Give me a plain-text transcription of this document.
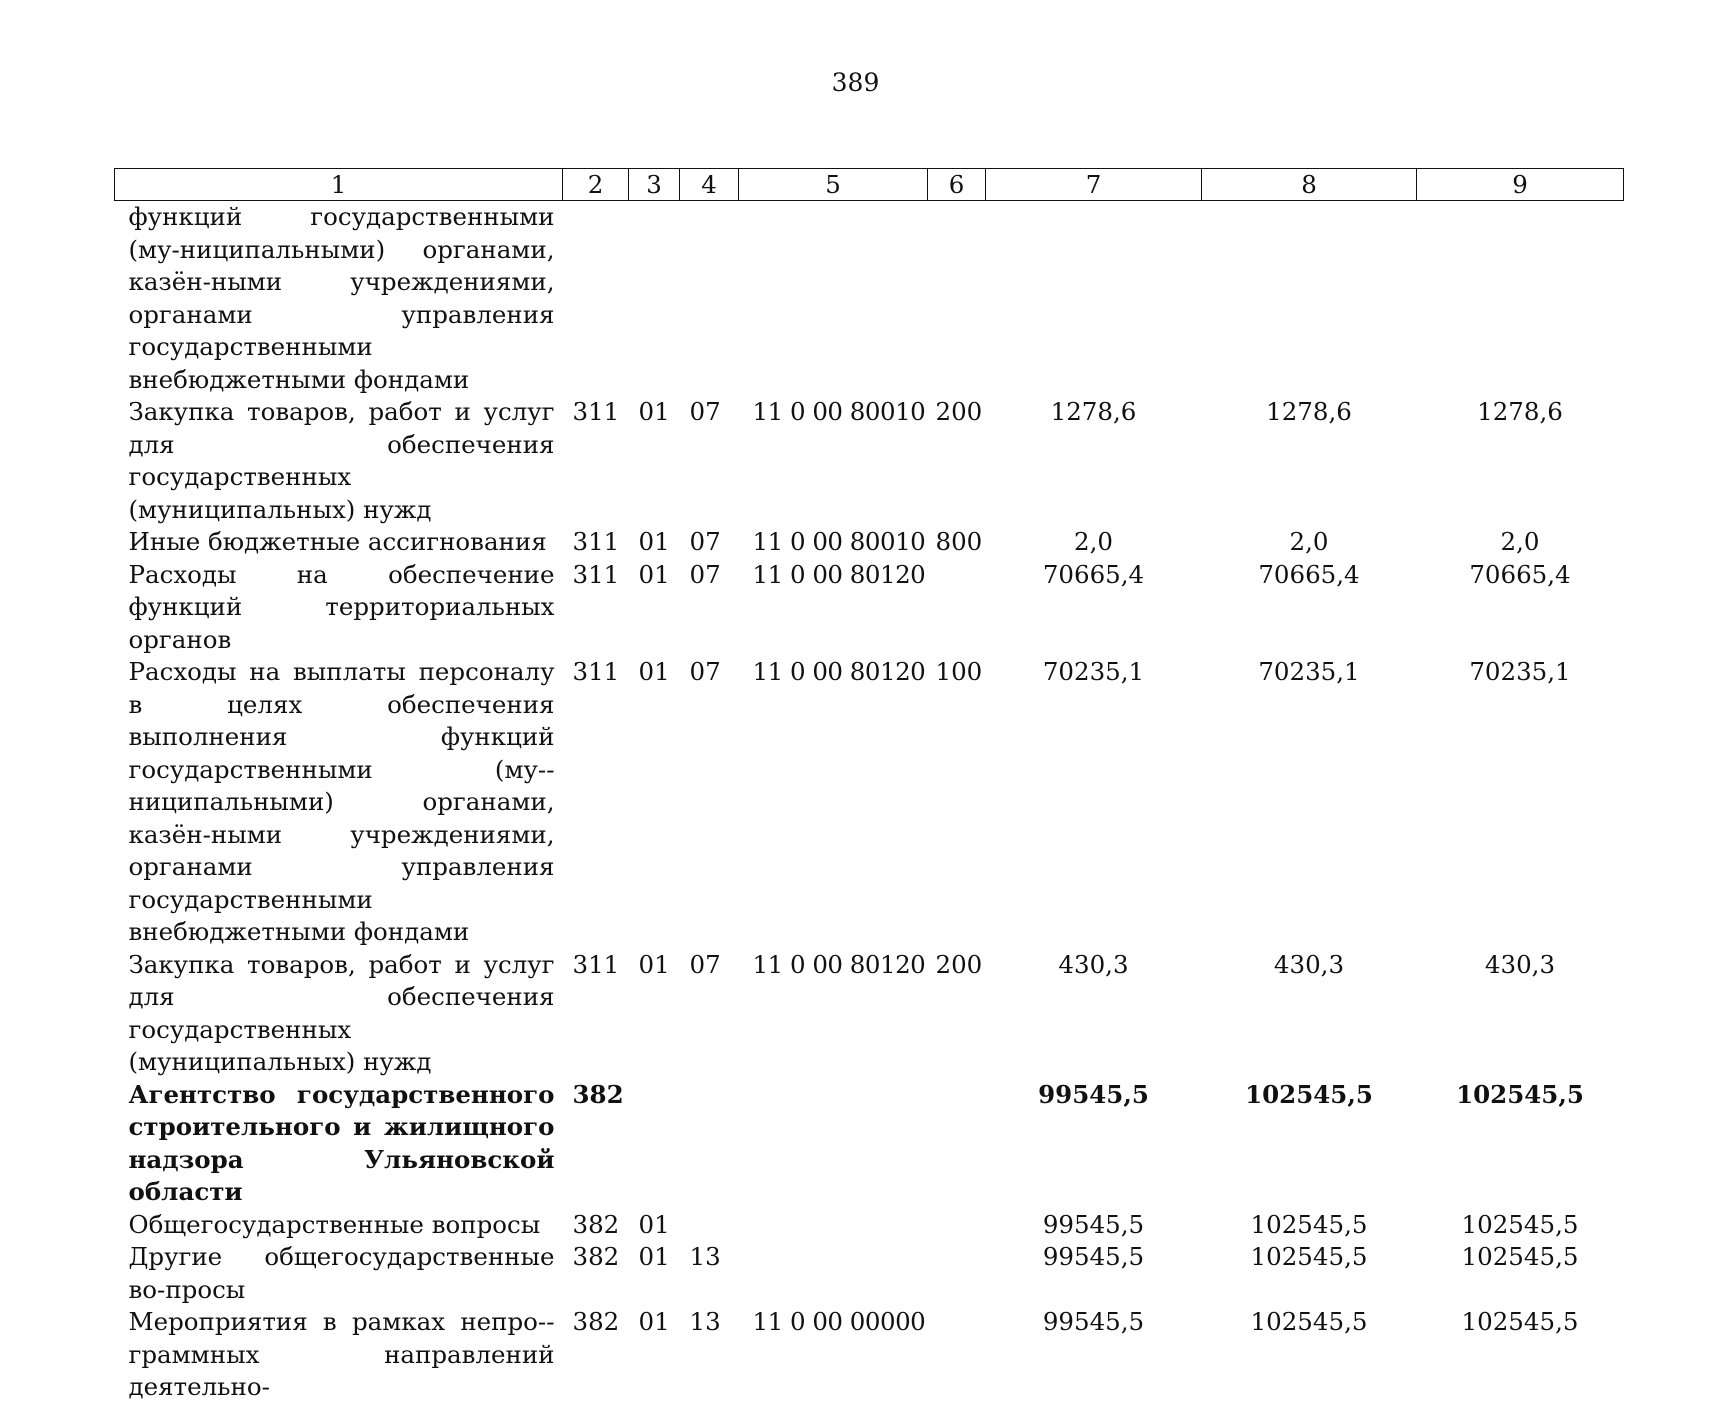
389
1	2	3	4	5	6	7	8	9
функций государственными (му-ниципальными) органами, казён-ными учреждениями, органами управления государственными внебюджетными фондами								
Закупка товаров, работ и услуг для обеспечения государственных (муниципальных) нужд	311	01	07	11 0 00 80010	200	1278,6	1278,6	1278,6
Иные бюджетные ассигнования	311	01	07	11 0 00 80010	800	2,0	2,0	2,0
Расходы на обеспечение функций территориальных органов	311	01	07	11 0 00 80120		70665,4	70665,4	70665,4
Расходы на выплаты персоналу в целях обеспечения выполнения функций государственными (му-ниципальными) органами, казён-ными учреждениями, органами управления государственными внебюджетными фондами	311	01	07	11 0 00 80120	100	70235,1	70235,1	70235,1
Закупка товаров, работ и услуг для обеспечения государственных (муниципальных) нужд	311	01	07	11 0 00 80120	200	430,3	430,3	430,3
Агентство государственного строительного и жилищного надзора Ульяновской области	382					99545,5	102545,5	102545,5
Общегосударственные вопросы	382	01				99545,5	102545,5	102545,5
Другие общегосударственные во-просы	382	01	13			99545,5	102545,5	102545,5
Мероприятия в рамках непро-граммных направлений деятельно-	382	01	13	11 0 00 00000		99545,5	102545,5	102545,5
